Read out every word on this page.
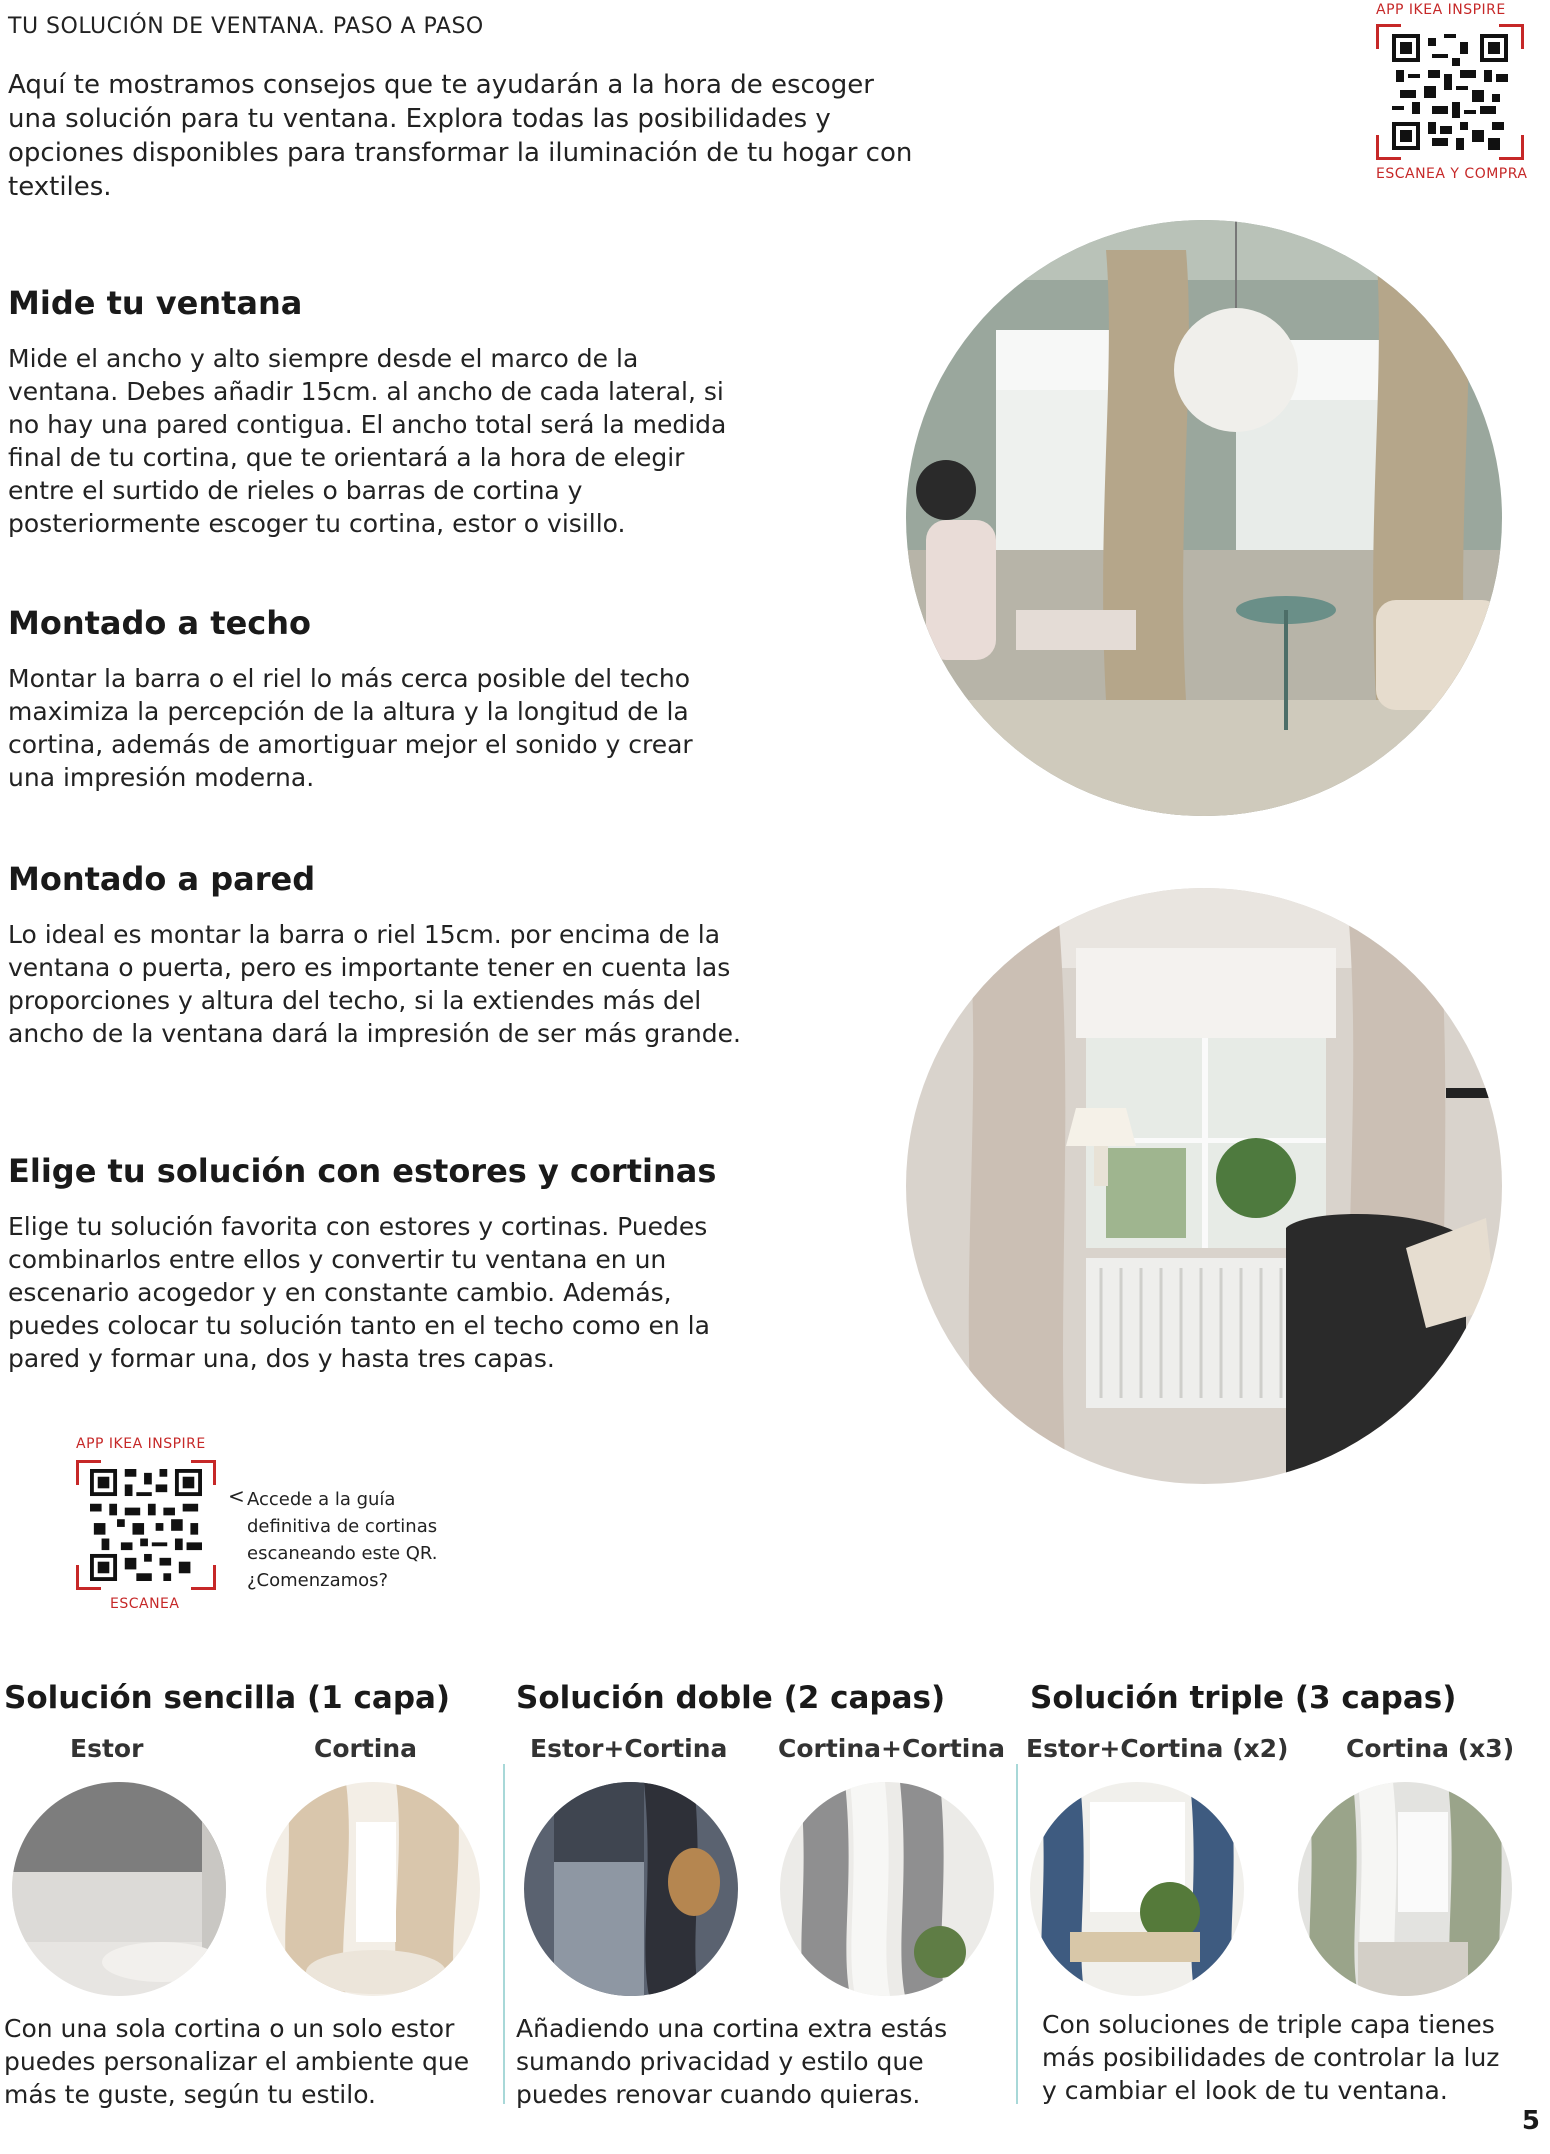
TU SOLUCIÓN DE VENTANA. PASO A PASO
Aquí te mostramos consejos que te ayudarán a la hora de escoger una solución para tu ventana. Explora todas las posibilidades y opciones disponibles para transformar la iluminación de tu hogar con textiles.
APP IKEA INSPIRE
ESCANEA Y COMPRA
Mide tu ventana

Mide el ancho y alto siempre desde el marco de la ventana. Debes añadir 15cm. al ancho de cada lateral, si no hay una pared contigua. El ancho total será la medida final de tu cortina, que te orientará a la hora de elegir entre el surtido de rieles o barras de cortina y posteriormente escoger tu cortina, estor o visillo.

Montado a techo

Montar la barra o el riel lo más cerca posible del techo maximiza la percepción de la altura y la longitud de la cortina, además de amortiguar mejor el sonido y crear una impresión moderna.

Montado a pared

Lo ideal es montar la barra o riel 15cm. por encima de la ventana o puerta, pero es importante tener en cuenta las proporciones y altura del techo, si la extiendes más del ancho de la ventana dará la impresión de ser más grande.

Elige tu solución con estores y cortinas

Elige tu solución favorita con estores y cortinas. Puedes combinarlos entre ellos y convertir tu ventana en un escenario acogedor y en constante cambio. Además, puedes colocar tu solución tanto en el techo como en la pared y formar una, dos y hasta tres capas.

APP IKEA INSPIRE
ESCANEA
< Accede a la guía definitiva de cortinas escaneando este QR. ¿Comenzamos?
Solución sencilla (1 capa)
Estor	Cortina
Con una sola cortina o un solo estor puedes personalizar el ambiente que más te guste, según tu estilo.
Solución doble (2 capas)
Estor+Cortina Cortina+Cortina
Añadiendo una cortina extra estás sumando privacidad y estilo que puedes renovar cuando quieras.
Solución triple (3 capas)
Estor+Cortina (x2) Cortina (x3)
Con soluciones de triple capa tienes más posibilidades de controlar la luz y cambiar el look de tu ventana.
5
